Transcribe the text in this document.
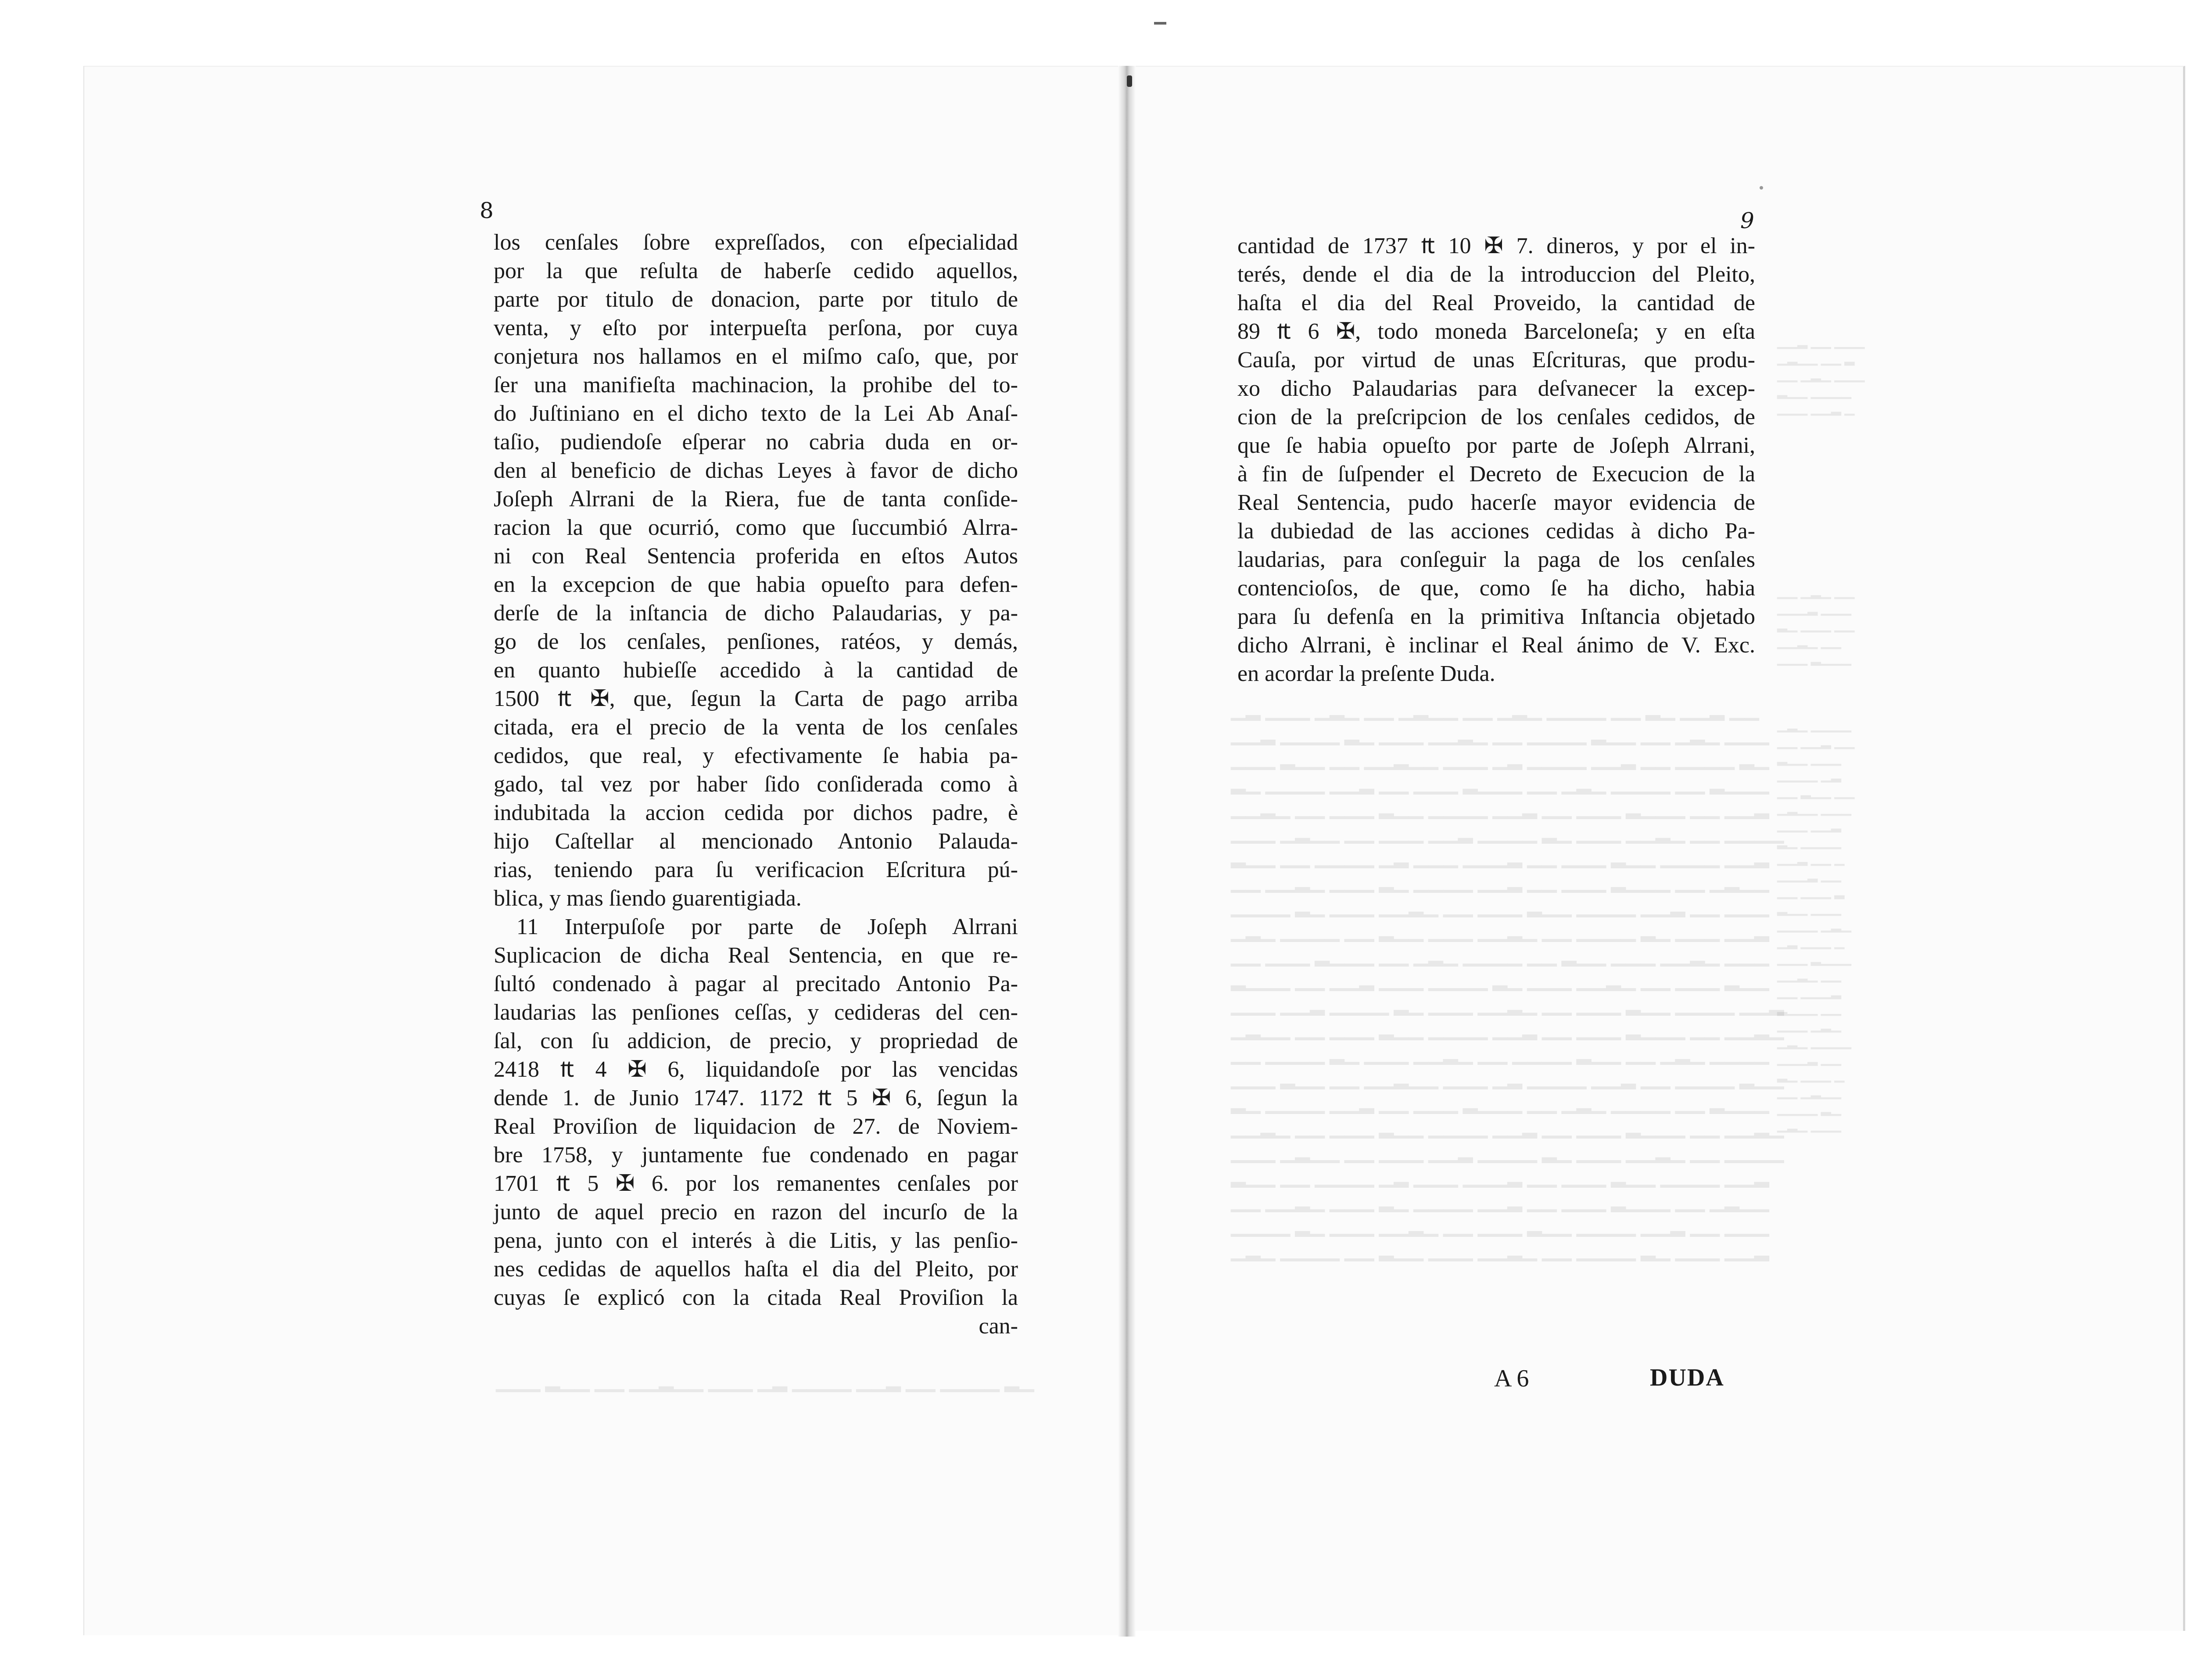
▁▂ ▁▁▁ ▁▂▁ ▁▁ ▁▂▁▁ ▁▁ ▁▂▁ ▁▁▁▁ ▁▁ ▂▁ ▁▁▂ ▁▁
▁▁▂ ▁▁▁▁ ▂▁ ▁▁▁ ▁▁▂▁ ▁▁ ▁▁▁▁ ▂▁▁ ▁▁ ▁▂▁ ▁▁▁
▁▁▁ ▂▁▁ ▁▁ ▁▁▂▁▁ ▁▁▁ ▁▂ ▁▁▁▁ ▁▁▂ ▁▁ ▁▁▁▁ ▂▁
▂▁ ▁▁▁▁ ▁▁▂ ▁▁ ▁▁▁ ▂▁▁▁ ▁▁ ▁▂▁ ▁▁▁▁ ▁▁ ▂▁▁▁
▁▁▂▁ ▁▁ ▁▁▁ ▂▁▁ ▁▁▁▁ ▁▁▂ ▁▁ ▁▁▁ ▂▁▁▁ ▁▁ ▁▁▂
▁▁▁ ▁▂▁▁ ▁▁ ▁▁▁ ▁▁▂ ▁▁▁▁ ▂▁ ▁▁▁ ▁▁▂▁ ▁▁ ▁▁▁▁
▂▁▁ ▁▁ ▁▁▁▁ ▁▂ ▁▁▁ ▁▁▁▂ ▁▁ ▁▁▁ ▂▁▁ ▁▁▁▁ ▁▁▂
▁▁ ▁▁▂▁ ▁▁▁ ▂▁ ▁▁▁▁ ▁▁▂ ▁▁ ▁▁▁ ▂▁▁▁ ▁▁ ▁▂▁▁
▁▁▁▁ ▂▁ ▁▁▁ ▁▁▂▁ ▁▁ ▁▁▁ ▂▁▁ ▁▁▁▁ ▁▁▂ ▁▁ ▁▁▁
▁▂▁ ▁▁▁▁ ▁▁ ▂▁▁ ▁▁▁ ▁▁▂▁ ▁▁ ▁▁▁▁ ▂▁ ▁▁▁ ▁▁▂
▁▁ ▁▁▁ ▂▁▁▁ ▁▁ ▁▂▁ ▁▁▁▁ ▁▁ ▂▁▁ ▁▁▁ ▁▁▂▁ ▁▁▁
▂▁▁▁ ▁▁ ▁▁▂ ▁▁▁ ▁▁▁▁ ▂▁ ▁▁▁ ▁▁▂▁ ▁▁ ▁▁▁ ▂▁▁
▁▁▁ ▁▁▂ ▁▁▁▁ ▂▁ ▁▁▁ ▁▁▂▁ ▁▁ ▁▁▁ ▂▁▁ ▁▁▁▁ ▁▁▂
▁▂▁▁ ▁▁ ▁▁▁ ▂▁▁ ▁▁▁▁ ▁▁▂ ▁▁ ▁▁▁ ▂▁▁▁ ▁▁ ▁▁▂▁
▁▁ ▁▁▁▁ ▂▁ ▁▁▁ ▁▁▂▁ ▁▁ ▁▁▁▁ ▂▁▁ ▁▁ ▁▂▁ ▁▁▁▁
▁▁▁ ▂▁▁ ▁▁ ▁▁▂▁▁ ▁▁▁ ▁▂ ▁▁▁▁ ▁▁▂ ▁▁ ▁▁▁▁ ▂▁▁
▂▁ ▁▁▁▁ ▁▁▂ ▁▁ ▁▁▁ ▂▁▁▁ ▁▁ ▁▂▁ ▁▁▁▁ ▁▁ ▂▁▁▁
▁▁▂▁ ▁▁ ▁▁▁ ▂▁▁ ▁▁▁▁ ▁▁▂ ▁▁ ▁▁▁ ▂▁▁▁ ▁▁ ▁▁▂▁
▁▁▁ ▁▂▁▁ ▁▁ ▁▁▁ ▁▁▂ ▁▁▁▁ ▂▁ ▁▁▁ ▁▁▂▁ ▁▁ ▁▁▁▁
▂▁▁ ▁▁ ▁▁▁▁ ▁▂ ▁▁▁ ▁▁▁▂ ▁▁ ▁▁▁ ▂▁▁ ▁▁▁▁ ▁▁▂
▁▁ ▁▁▂▁ ▁▁▁ ▂▁ ▁▁▁▁ ▁▁▂ ▁▁ ▁▁▁ ▂▁▁▁ ▁▁ ▁▂▁▁
▁▁▁▁ ▂▁ ▁▁▁ ▁▁▂▁ ▁▁ ▁▁▁ ▂▁▁ ▁▁▁▁ ▁▁▂ ▁▁ ▁▁▁
▁▂▁ ▁▁▁▁ ▁▁ ▂▁▁ ▁▁▁ ▁▁▂▁ ▁▁ ▁▁▁▁ ▂▁ ▁▁▁ ▁▁▂
▁▁▂ ▁▁ ▁▁▁
▁▂▁▁ ▁▁ ▂
▁▁ ▁▂▁ ▁▁▁
▂▁▁ ▁▁▁▁
▁▁▁ ▁▁▂ ▁

▁▁ ▁▂▁ ▁▁
▁▁▁▂ ▁▁▁
▂▁ ▁▁▁ ▁▁
▁▁▂▁ ▁▁
▁▁▁ ▂▁▁▁

▁▂▁ ▁▁▁▁
▁▁ ▁▁▂ ▁▁
▂▁▁ ▁▁▁
▁▁▁▁ ▁▂
▁▁ ▂▁▁ ▁▁
▁▂▁▁ ▁▁▁
▁▁▁ ▁▁▂
▂▁ ▁▁▁▁
▁▁▂ ▁▁ ▁
▁▁▁▂ ▁▁
▁▁ ▁▁▁ ▂
▂▁▁ ▁▁▁
▁▁▁▁ ▁▂▁
▁▂ ▁▁▁ ▁
▁▁▁ ▂▁▁▁
▁▁▂▁ ▁▁
▁▁ ▁▁▁▂
▂▁▁▁ ▁▁
▁▁▁ ▁▂▁
▁▂▁ ▁▁▁▁
▁▁▁▂ ▁▁
▂▁ ▁▁▁ ▁
▁▁ ▁▂▁▁
▁▁▁▁ ▂▁
▁▂▁ ▁▁▁
▁▁▁ ▂▁▁ ▁▁ ▁▁▂▁▁ ▁▁▁ ▁▂ ▁▁▁▁ ▁▁▂ ▁▁ ▁▁▁▁ ▂▁
8
los cenſales ſobre expreſſados, con eſpecialidad
por la que reſulta de haberſe cedido aquellos,
parte por titulo de donacion, parte por titulo de
venta, y eſto por interpueſta perſona, por cuya
conjetura nos hallamos en el miſmo caſo, que, por
ſer una manifieſta machinacion, la prohibe del to-
do Juſtiniano en el dicho texto de la Lei Ab Anaſ-
taſio, pudiendoſe eſperar no cabria duda en or-
den al beneficio de dichas Leyes à favor de dicho
Joſeph Alrrani de la Riera, fue de tanta conſide-
racion la que ocurrió, como que ſuccumbió Alrra-
ni con Real Sentencia proferida en eſtos Autos
en la excepcion de que habia opueſto para defen-
derſe de la inſtancia de dicho Palaudarias, y pa-
go de los cenſales, penſiones, ratéos, y demás,
en quanto hubieſſe accedido à la cantidad de
1500 ₶ ✠, que, ſegun la Carta de pago arriba
citada, era el precio de la venta de los cenſales
cedidos, que real, y efectivamente ſe habia pa-
gado, tal vez por haber ſido conſiderada como à
indubitada la accion cedida por dichos padre, è
hijo Caſtellar al mencionado Antonio Palauda-
rias, teniendo para ſu verificacion Eſcritura pú-
blica, y mas ſiendo guarentigiada.
11 Interpuſoſe por parte de Joſeph Alrrani
Suplicacion de dicha Real Sentencia, en que re-
ſultó condenado à pagar al precitado Antonio Pa-
laudarias las penſiones ceſſas, y cedideras del cen-
ſal, con ſu addicion, de precio, y propriedad de
2418 ₶ 4 ✠ 6, liquidandoſe por las vencidas
dende 1. de Junio 1747. 1172 ₶ 5 ✠ 6, ſegun la
Real Proviſion de liquidacion de 27. de Noviem-
bre 1758, y juntamente fue condenado en pagar
1701 ₶ 5 ✠ 6. por los remanentes cenſales por
junto de aquel precio en razon del incurſo de la
pena, junto con el interés à die Litis, y las penſio-
nes cedidas de aquellos haſta el dia del Pleito, por
cuyas ſe explicó con la citada Real Proviſion la
can-
9
cantidad de 1737 ₶ 10 ✠ 7. dineros, y por el in-
terés, dende el dia de la introduccion del Pleito,
haſta el dia del Real Proveido, la cantidad de
89 ₶ 6 ✠, todo moneda Barceloneſa; y en eſta
Cauſa, por virtud de unas Eſcrituras, que produ-
xo dicho Palaudarias para deſvanecer la excep-
cion de la preſcripcion de los cenſales cedidos, de
que ſe habia opueſto por parte de Joſeph Alrrani,
à fin de ſuſpender el Decreto de Execucion de la
Real Sentencia, pudo hacerſe mayor evidencia de
la dubiedad de las acciones cedidas à dicho Pa-
laudarias, para conſeguir la paga de los cenſales
contencioſos, de que, como ſe ha dicho, habia
para ſu defenſa en la primitiva Inſtancia objetado
dicho Alrrani, è inclinar el Real ánimo de V. Exc.
en acordar la preſente Duda.
A 6	DUDA
